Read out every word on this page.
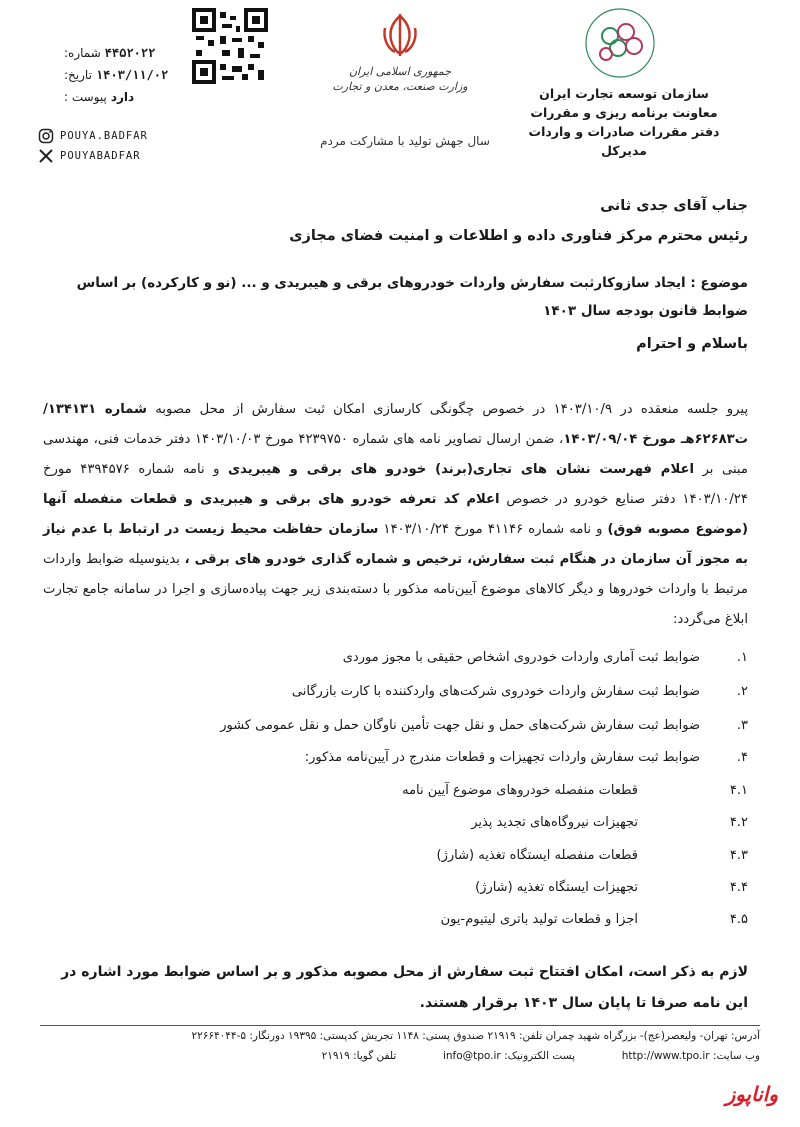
سازمان توسعه تجارت ایران
معاونت برنامه ریزی و مقررات
دفتر مقررات صادرات و واردات
مدیرکل
جمهوری اسلامی ایران
وزارت صنعت، معدن و تجارت
سال جهش تولید با مشارکت مردم
شماره: ۴۴۵۲۰۲۲
تاریخ: ۱۴۰۳/۱۱/۰۲
پیوست : دارد
POUYA.BADFAR
POUYABADFAR
جناب آقای جدی ثانی
رئیس محترم مرکز فناوری داده و اطلاعات و امنیت فضای مجازی
موضوع : ایجاد سازوکارثبت سفارش واردات خودروهای برقی و هیبریدی و ... (نو و کارکرده) بر اساس ضوابط قانون بودجه سال ۱۴۰۳
باسلام و احترام
پیرو جلسه منعقده در ۱۴۰۳/۱۰/۹ در خصوص چگونگی کارسازی امکان ثبت سفارش از محل مصوبه شماره ۱۳۴۱۳۱/ت۶۲۶۸۳هـ مورخ ۱۴۰۳/۰۹/۰۴، ضمن ارسال تصاویر نامه های شماره ۴۲۳۹۷۵۰ مورخ ۱۴۰۳/۱۰/۰۳ دفتر خدمات فنی، مهندسی مبنی بر اعلام فهرست نشان های تجاری(برند) خودرو های برقی و هیبریدی و نامه شماره ۴۳۹۴۵۷۶ مورخ ۱۴۰۳/۱۰/۲۴ دفتر صنایع خودرو در خصوص اعلام کد تعرفه خودرو های برقی و هیبریدی و قطعات منفصله آنها (موضوع مصوبه فوق) و نامه شماره ۴۱۱۴۶ مورخ ۱۴۰۳/۱۰/۲۴ سازمان حفاظت محیط زیست در ارتباط با عدم نیاز به مجوز آن سازمان در هنگام ثبت سفارش، ترخیص و شماره گذاری خودرو های برقی ، بدینوسیله ضوابط واردات مرتبط با واردات خودروها و دیگر کالاهای موضوع آیین‌نامه مذکور با دسته‌بندی زیر جهت پیاده‌سازی و اجرا در سامانه جامع تجارت ابلاغ می‌گردد:
۱.
ضوابط ثبت آماری واردات خودروی اشخاص حقیقی با مجوز موردی
۲.
ضوابط ثبت سفارش واردات خودروی شرکت‌های واردکننده با کارت بازرگانی
۳.
ضوابط ثبت سفارش شرکت‌های حمل و نقل جهت تأمین ناوگان حمل و نقل عمومی کشور
۴.
ضوابط ثبت سفارش واردات تجهیزات و قطعات مندرج در آیین‌نامه مذکور:
۴.۱
قطعات منفصله خودروهای موضوع آیین نامه
۴.۲
تجهیزات نیروگاه‌های تجدید پذیر
۴.۳
قطعات منفصله ایستگاه تغذیه (شارژ)
۴.۴
تجهیزات ایستگاه تغذیه (شارژ)
۴.۵
اجزا و قطعات تولید باتری لیتیوم-یون
لازم به ذکر است، امکان افتتاح ثبت سفارش از محل مصوبه مذکور و بر اساس ضوابط مورد اشاره در این نامه صرفا تا پایان سال ۱۴۰۳ برقرار هستند.
آدرس: تهران- ولیعصر(عج)- بزرگراه شهید چمران تلفن: ۲۱۹۱۹ صندوق پستی: ۱۱۴۸ تجریش کدپستی: ۱۹۳۹۵ دورنگار: ۵-۲۲۶۶۴۰۴۴
وب سایت: http://www.tpo.ir  پست الکترونیک: info@tpo.ir  تلفن گویا: ۲۱۹۱۹
واناپوز
